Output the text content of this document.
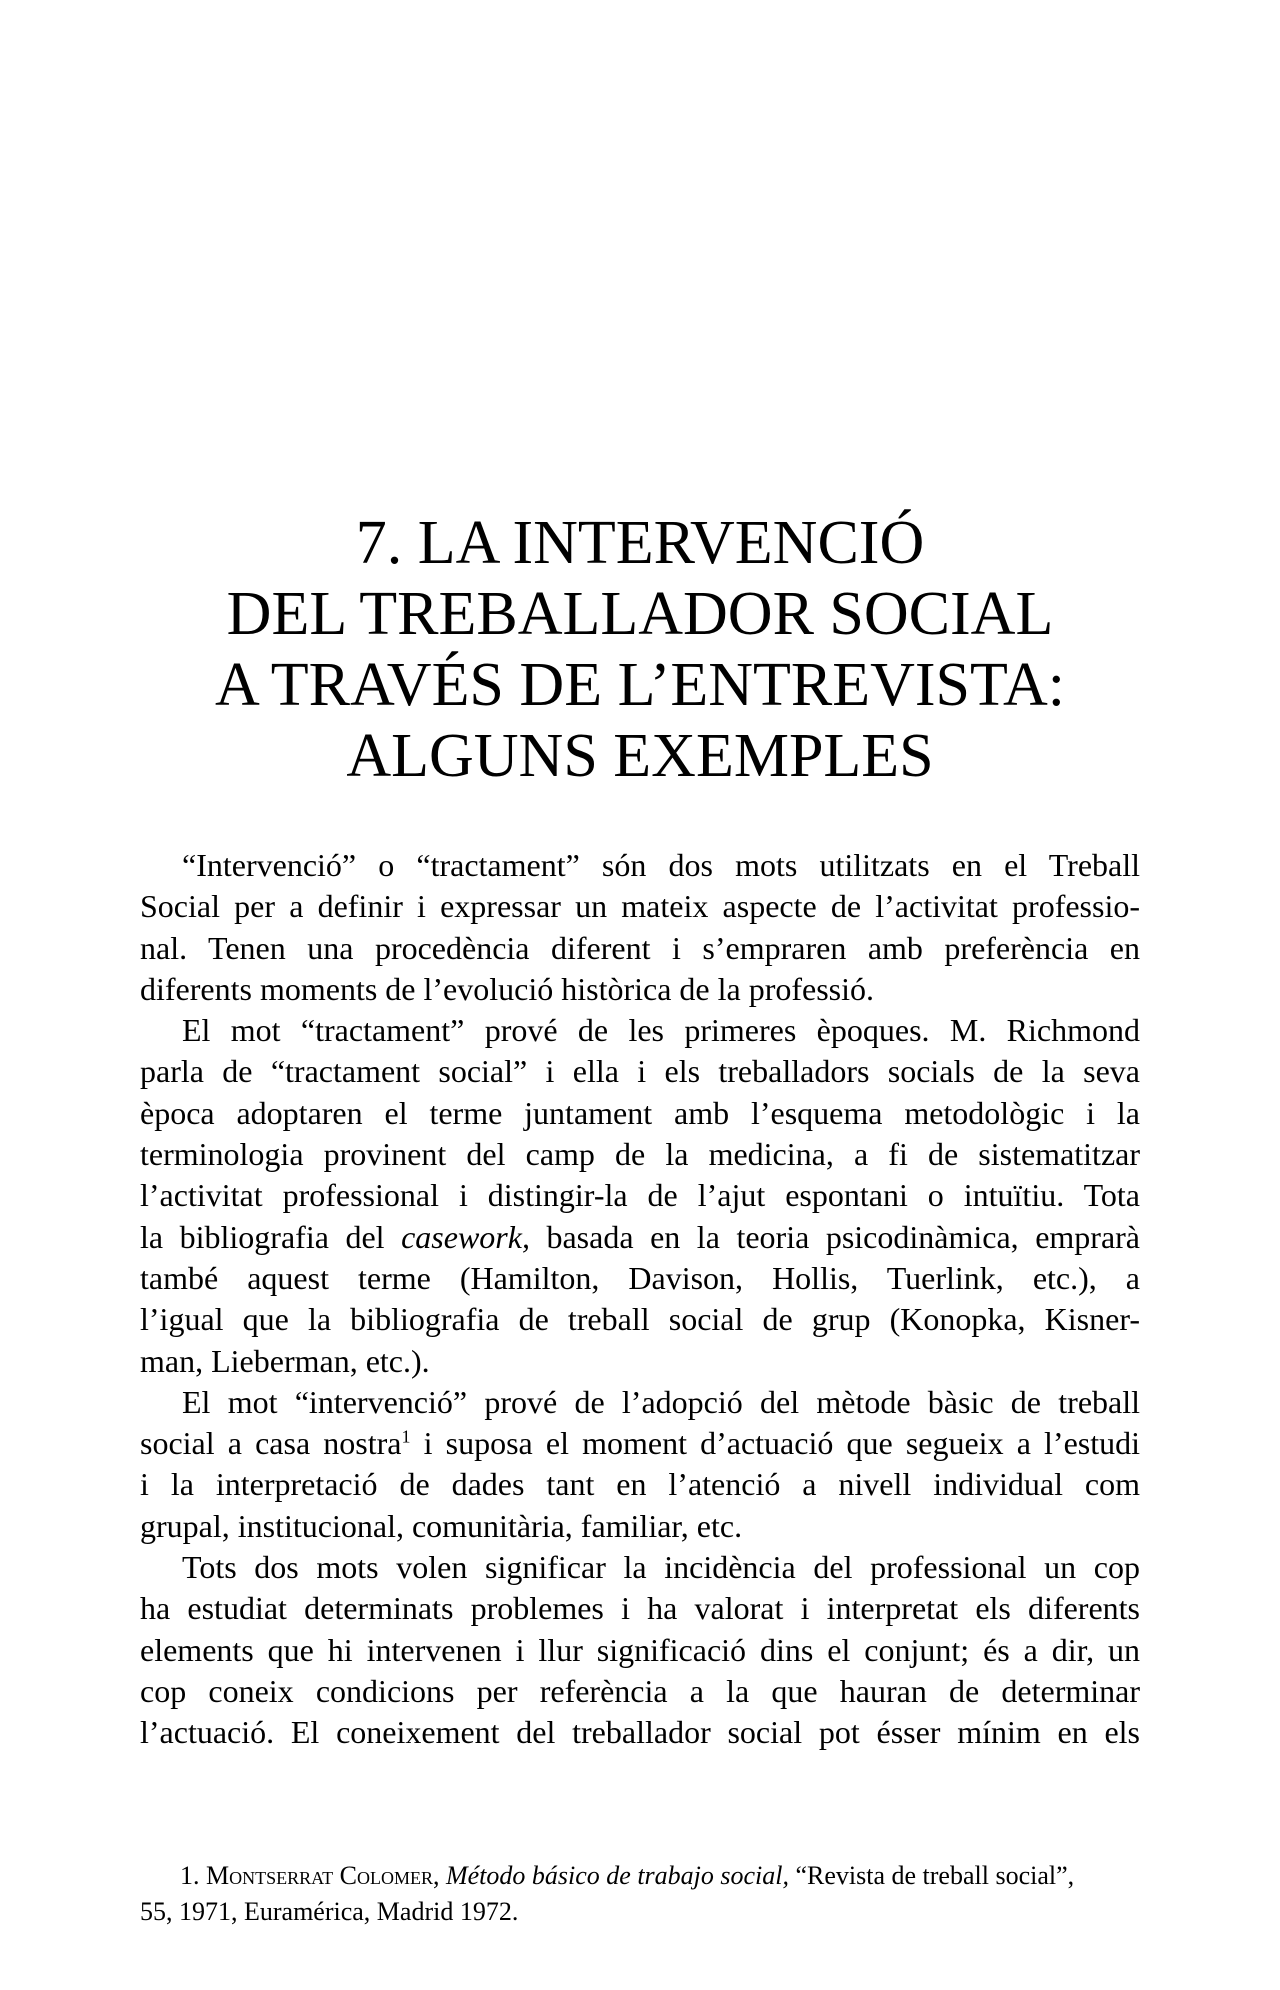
7. LA INTERVENCIÓ
DEL TREBALLADOR SOCIAL
A TRAVÉS DE L’ENTREVISTA:
ALGUNS EXEMPLES

“Intervenció” o “tractament” són dos mots utilitzats en el Treball
Social per a definir i expressar un mateix aspecte de l’activitat professio-
nal. Tenen una procedència diferent i s’empraren amb preferència en
diferents moments de l’evolució històrica de la professió.

El mot “tractament” prové de les primeres èpoques. M. Richmond
parla de “tractament social” i ella i els treballadors socials de la seva
època adoptaren el terme juntament amb l’esquema metodològic i la
terminologia provinent del camp de la medicina, a fi de sistematitzar
l’activitat professional i distingir-la de l’ajut espontani o intuïtiu. Tota
la bibliografia del casework, basada en la teoria psicodinàmica, emprarà
també aquest terme (Hamilton, Davison, Hollis, Tuerlink, etc.), a
l’igual que la bibliografia de treball social de grup (Konopka, Kisner-
man, Lieberman, etc.).

El mot “intervenció” prové de l’adopció del mètode bàsic de treball
social a casa nostra$^1$ i suposa el moment d’actuació que segueix a l’estudi
i la interpretació de dades tant en l’atenció a nivell individual com
grupal, institucional, comunitària, familiar, etc.

Tots dos mots volen significar la incidència del professional un cop
ha estudiat determinats problemes i ha valorat i interpretat els diferents
elements que hi intervenen i llur significació dins el conjunt; és a dir, un
cop coneix condicions per referència a la que hauran de determinar
l’actuació. El coneixement del treballador social pot ésser mínim en els

1. Montserrat Colomer, Método básico de trabajo social, “Revista de treball social”,
55, 1971, Euramérica, Madrid 1972.
